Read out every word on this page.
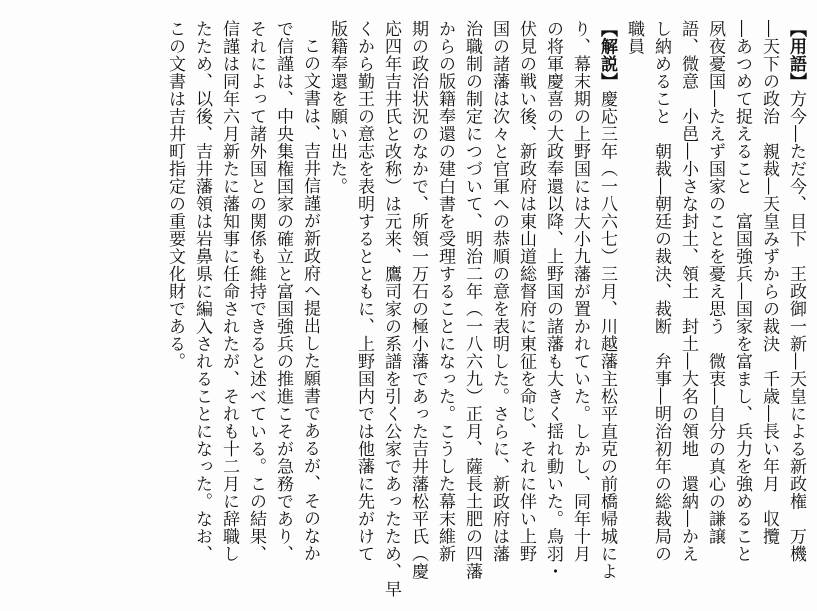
【用語】方今―ただ今、目下　王政御一新―天皇による新政権　万機
―天下の政治　親裁―天皇みずからの裁決　千歳―長い年月　収攬
―あつめて捉えること　富国強兵―国家を富まし、兵力を強めること
夙夜憂国―たえず国家のことを憂え思う　微衷―自分の真心の謙譲
語、微意　小邑―小さな封土、領土　封土―大名の領地　還納―かえ
し納めること　朝裁―朝廷の裁決、裁断　弁事―明治初年の総裁局の
職員
【解説】慶応三年（一八六七）三月、川越藩主松平直克の前橋帰城によ
り、幕末期の上野国には大小九藩が置かれていた。しかし、同年十月
の将軍慶喜の大政奉還以降、上野国の諸藩も大きく揺れ動いた。鳥羽・
伏見の戦い後、新政府は東山道総督府に東征を命じ、それに伴い上野
国の諸藩は次々と官軍への恭順の意を表明した。さらに、新政府は藩
治職制の制定につづいて、明治二年（一八六九）正月、薩長土肥の四藩
からの版籍奉還の建白書を受理することになった。こうした幕末維新
期の政治状況のなかで、所領一万石の極小藩であった吉井藩松平氏（慶
応四年吉井氏と改称）は元来、鷹司家の系譜を引く公家であったため、早
くから勤王の意志を表明するとともに、上野国内では他藩に先がけて
版籍奉還を願い出た。
この文書は、吉井信謹が新政府へ提出した願書であるが、そのなか
で信謹は、中央集権国家の確立と富国強兵の推進こそが急務であり、
それによって諸外国との関係も維持できると述べている。この結果、
信謹は同年六月新たに藩知事に任命されたが、それも十二月に辞職し
たため、以後、吉井藩領は岩鼻県に編入されることになった。なお、
この文書は吉井町指定の重要文化財である。
